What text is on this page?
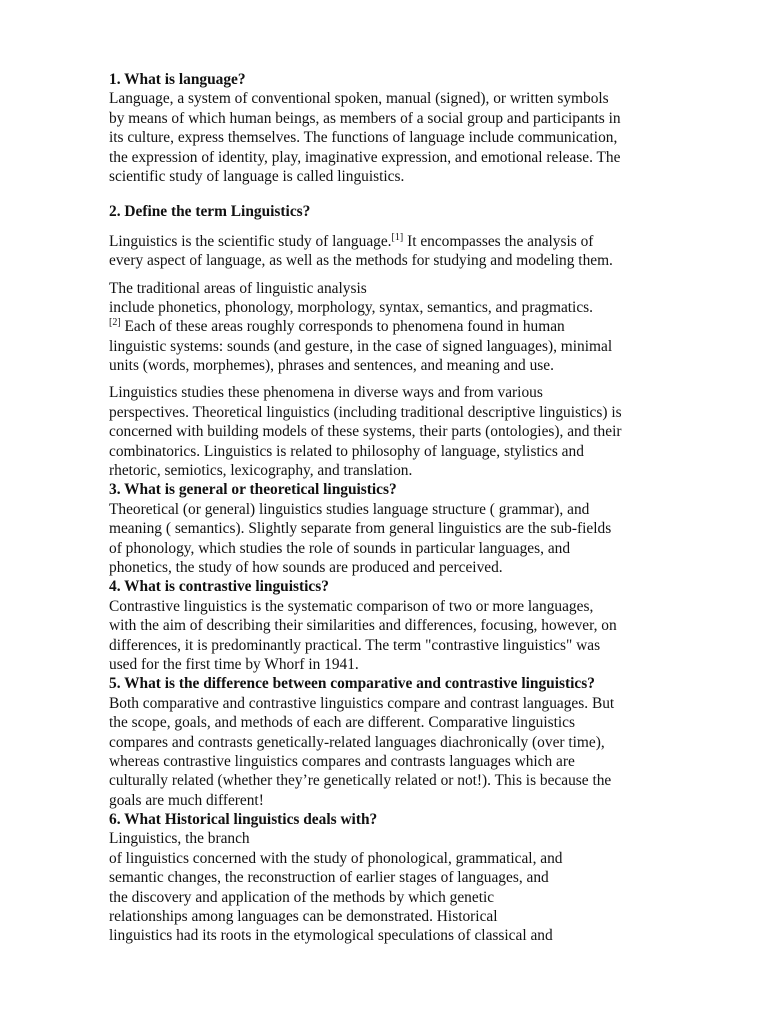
1. What is language?
Language, a system of conventional spoken, manual (signed), or written symbols
by means of which human beings, as members of a social group and participants in
its culture, express themselves. The functions of language include communication,
the expression of identity, play, imaginative expression, and emotional release. The
scientific study of language is called linguistics.
2. Define the term Linguistics?
Linguistics is the scientific study of language.[1] It encompasses the analysis of
every aspect of language, as well as the methods for studying and modeling them.
The traditional areas of linguistic analysis
include phonetics, phonology, morphology, syntax, semantics, and pragmatics.
[2] Each of these areas roughly corresponds to phenomena found in human
linguistic systems: sounds (and gesture, in the case of signed languages), minimal
units (words, morphemes), phrases and sentences, and meaning and use.
Linguistics studies these phenomena in diverse ways and from various
perspectives. Theoretical linguistics (including traditional descriptive linguistics) is
concerned with building models of these systems, their parts (ontologies), and their
combinatorics. Linguistics is related to philosophy of language, stylistics and
rhetoric, semiotics, lexicography, and translation.
3. What is general or theoretical linguistics?
Theoretical (or general) linguistics studies language structure ( grammar), and
meaning ( semantics). Slightly separate from general linguistics are the sub-fields
of phonology, which studies the role of sounds in particular languages, and
phonetics, the study of how sounds are produced and perceived.
4. What is contrastive linguistics?
Contrastive linguistics is the systematic comparison of two or more languages,
with the aim of describing their similarities and differences, focusing, however, on
differences, it is predominantly practical. The term "contrastive linguistics" was
used for the first time by Whorf in 1941.
5. What is the difference between comparative and contrastive linguistics?
Both comparative and contrastive linguistics compare and contrast languages. But
the scope, goals, and methods of each are different. Comparative linguistics
compares and contrasts genetically-related languages diachronically (over time),
whereas contrastive linguistics compares and contrasts languages which are
culturally related (whether they’re genetically related or not!). This is because the
goals are much different!
6. What Historical linguistics deals with?
Linguistics, the branch
of linguistics concerned with the study of phonological, grammatical, and
semantic changes, the reconstruction of earlier stages of languages, and
the discovery and application of the methods by which genetic
relationships among languages can be demonstrated. Historical
linguistics had its roots in the etymological speculations of classical and
